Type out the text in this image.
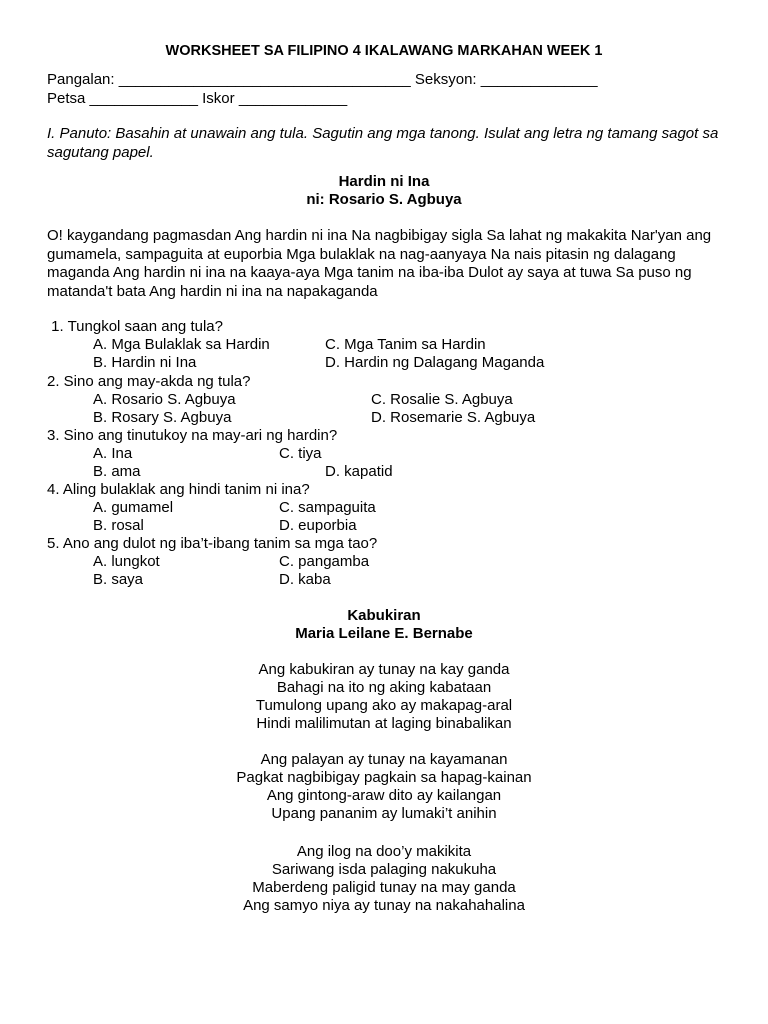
WORKSHEET SA FILIPINO 4 IKALAWANG MARKAHAN WEEK 1
Pangalan: ___________________________________ Seksyon: ______________
Petsa _____________ Iskor _____________
I. Panuto: Basahin at unawain ang tula. Sagutin ang mga tanong. Isulat ang letra ng tamang sagot sa sagutang papel.
Hardin ni Ina
ni: Rosario S. Agbuya
O! kaygandang pagmasdan Ang hardin ni ina Na nagbibigay sigla Sa lahat ng makakita Nar'yan ang gumamela, sampaguita at euporbia Mga bulaklak na nag-aanyaya Na nais pitasin ng dalagang maganda Ang hardin ni ina na kaaya-aya Mga tanim na iba-iba Dulot ay saya at tuwa Sa puso ng matanda't bata Ang hardin ni ina na napakaganda
1. Tungkol saan ang tula?
A. Mga Bulaklak sa Hardin	C. Mga Tanim sa Hardin
B. Hardin ni Ina	D. Hardin ng Dalagang Maganda
2. Sino ang may-akda ng tula?
A. Rosario S. Agbuya	C. Rosalie S. Agbuya
B. Rosary S. Agbuya	D. Rosemarie S. Agbuya
3. Sino ang tinutukoy na may-ari ng hardin?
A. Ina	C. tiya
B. ama	D. kapatid
4. Aling bulaklak ang hindi tanim ni ina?
A. gumamel	C. sampaguita
B. rosal	D. euporbia
5. Ano ang dulot ng iba’t-ibang tanim sa mga tao?
A. lungkot	C. pangamba
B. saya	D. kaba
Kabukiran
Maria Leilane E. Bernabe
Ang kabukiran ay tunay na kay ganda
Bahagi na ito ng aking kabataan
Tumulong upang ako ay makapag-aral
Hindi malilimutan at laging binabalikan
Ang palayan ay tunay na kayamanan
Pagkat nagbibigay pagkain sa hapag-kainan
Ang gintong-araw dito ay kailangan
Upang pananim ay lumaki’t anihin
Ang ilog na doo’y makikita
Sariwang isda palaging nakukuha
Maberdeng paligid tunay na may ganda
Ang samyo niya ay tunay na nakahahalina
